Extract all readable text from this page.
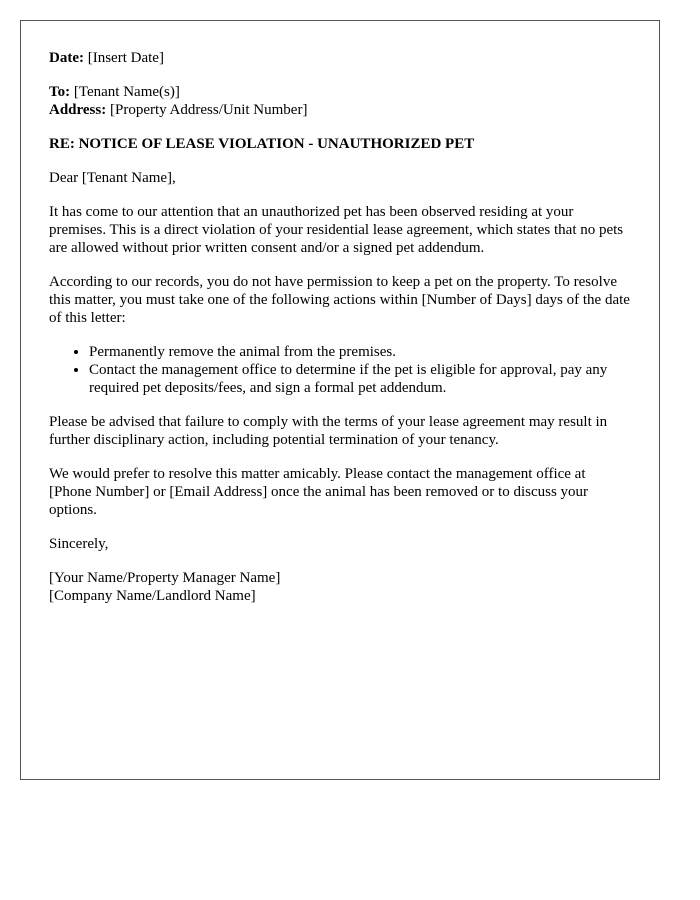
Date: [Insert Date]
To: [Tenant Name(s)]
Address: [Property Address/Unit Number]
RE: NOTICE OF LEASE VIOLATION - UNAUTHORIZED PET

Dear [Tenant Name],

It has come to our attention that an unauthorized pet has been observed residing at your premises. This is a direct violation of your residential lease agreement, which states that no pets are allowed without prior written consent and/or a signed pet addendum.

According to our records, you do not have permission to keep a pet on the property. To resolve this matter, you must take one of the following actions within [Number of Days] days of the date of this letter:

• Permanently remove the animal from the premises.
• Contact the management office to determine if the pet is eligible for approval, pay any required pet deposits/fees, and sign a formal pet addendum.

Please be advised that failure to comply with the terms of your lease agreement may result in further disciplinary action, including potential termination of your tenancy.

We would prefer to resolve this matter amicably. Please contact the management office at [Phone Number] or [Email Address] once the animal has been removed or to discuss your options.

Sincerely,

[Your Name/Property Manager Name]
[Company Name/Landlord Name]
